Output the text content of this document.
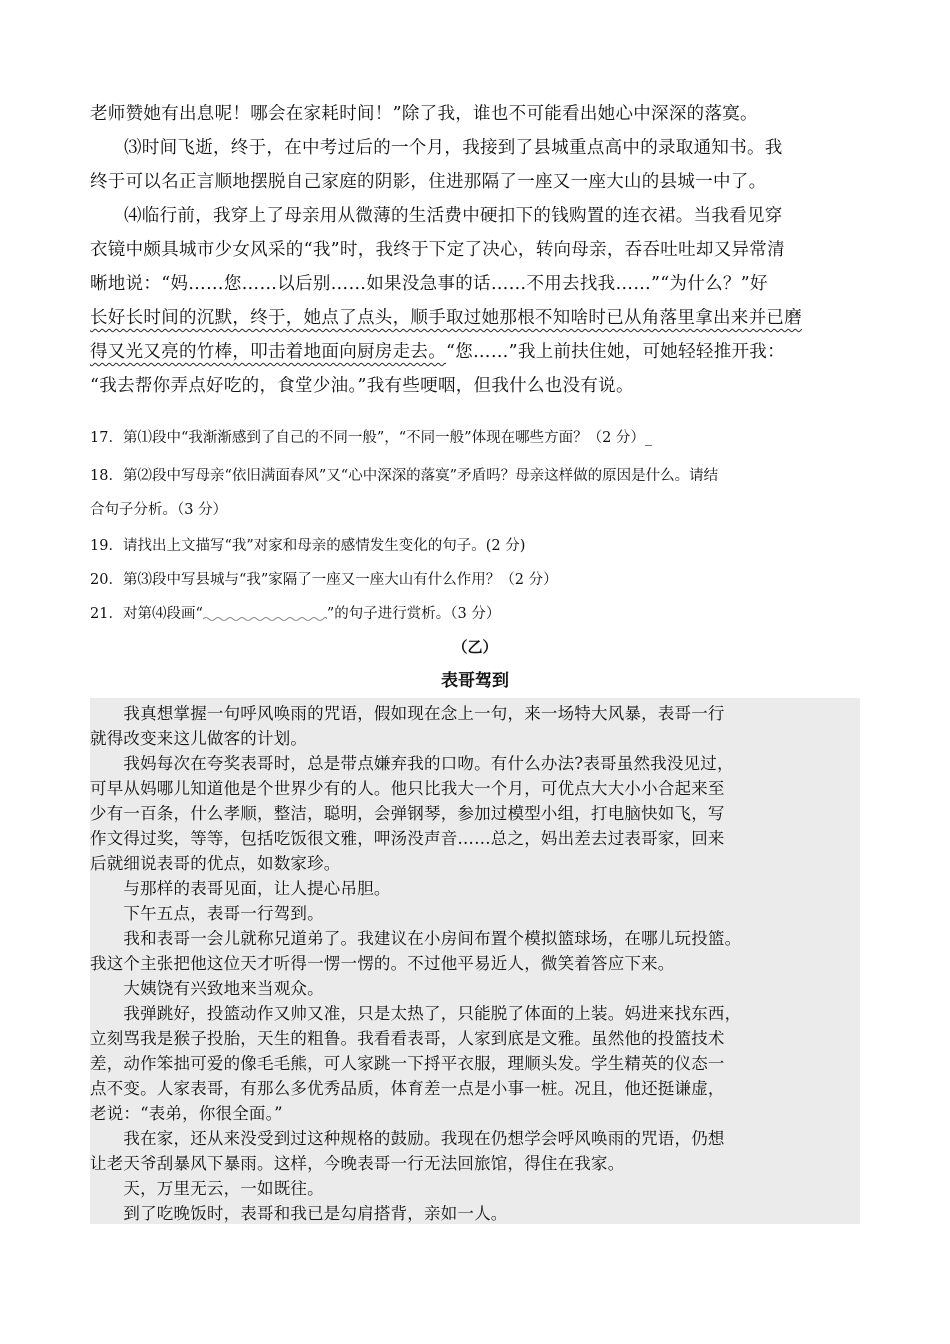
老师赞她有出息呢！哪会在家耗时间！”除了我，谁也不可能看出她心中深深的落寞。
⑶时间飞逝，终于，在中考过后的一个月，我接到了县城重点高中的录取通知书。我
终于可以名正言顺地摆脱自己家庭的阴影，住进那隔了一座又一座大山的县城一中了。
⑷临行前，我穿上了母亲用从微薄的生活费中硬扣下的钱购置的连衣裙。当我看见穿
衣镜中颇具城市少女风采的“我”时，我终于下定了决心，转向母亲，吞吞吐吐却又异常清
晰地说：“妈……您……以后别……如果没急事的话……不用去找我……”“为什么？”好
长好长时间的沉默，终于，她点了点头，顺手取过她那根不知啥时已从角落里拿出来并已磨
得又光又亮的竹棒，叩击着地面向厨房走去。“您……”我上前扶住她，可她轻轻推开我：
“我去帮你弄点好吃的，食堂少油。”我有些哽咽，但我什么也没有说。
17．第⑴段中“我渐渐感到了自己的不同一般”，“不同一般”体现在哪些方面？（2 分）_
18．第⑵段中写母亲“依旧满面春风”又“心中深深的落寞”矛盾吗？母亲这样做的原因是什么。请结
合句子分析。（3 分）
19．请找出上文描写“我”对家和母亲的感情发生变化的句子。(2 分)
20．第⑶段中写县城与“我”家隔了一座又一座大山有什么作用？（2 分）
21．对第⑷段画“	”的句子进行赏析。（3 分）
（乙）
表哥驾到
　　我真想掌握一句呼风唤雨的咒语，假如现在念上一句，来一场特大风暴，表哥一行
就得改变来这儿做客的计划。
　　我妈每次在夸奖表哥时，总是带点嫌弃我的口吻。有什么办法?表哥虽然我没见过，
可早从妈哪儿知道他是个世界少有的人。他只比我大一个月，可优点大大小小合起来至
少有一百条，什么孝顺，整洁，聪明，会弹钢琴，参加过模型小组，打电脑快如飞，写
作文得过奖，等等，包括吃饭很文雅，呷汤没声音……总之，妈出差去过表哥家，回来
后就细说表哥的优点，如数家珍。
　　与那样的表哥见面，让人提心吊胆。
　　下午五点，表哥一行驾到。
　　我和表哥一会儿就称兄道弟了。我建议在小房间布置个模拟篮球场，在哪儿玩投篮。
我这个主张把他这位天才听得一愣一愣的。不过他平易近人，微笑着答应下来。
　　大姨饶有兴致地来当观众。
　　我弹跳好，投篮动作又帅又准，只是太热了，只能脱了体面的上装。妈进来找东西，
立刻骂我是猴子投胎，天生的粗鲁。我看看表哥，人家到底是文雅。虽然他的投篮技术
差，动作笨拙可爱的像毛毛熊，可人家跳一下捋平衣服，理顺头发。学生精英的仪态一
点不变。人家表哥，有那么多优秀品质，体育差一点是小事一桩。况且，他还挺谦虚，
老说：“表弟，你很全面。”
　　我在家，还从来没受到过这种规格的鼓励。我现在仍想学会呼风唤雨的咒语，仍想
让老天爷刮暴风下暴雨。这样，今晚表哥一行无法回旅馆，得住在我家。
　　天，万里无云，一如既往。
　　到了吃晚饭时，表哥和我已是勾肩搭背，亲如一人。
